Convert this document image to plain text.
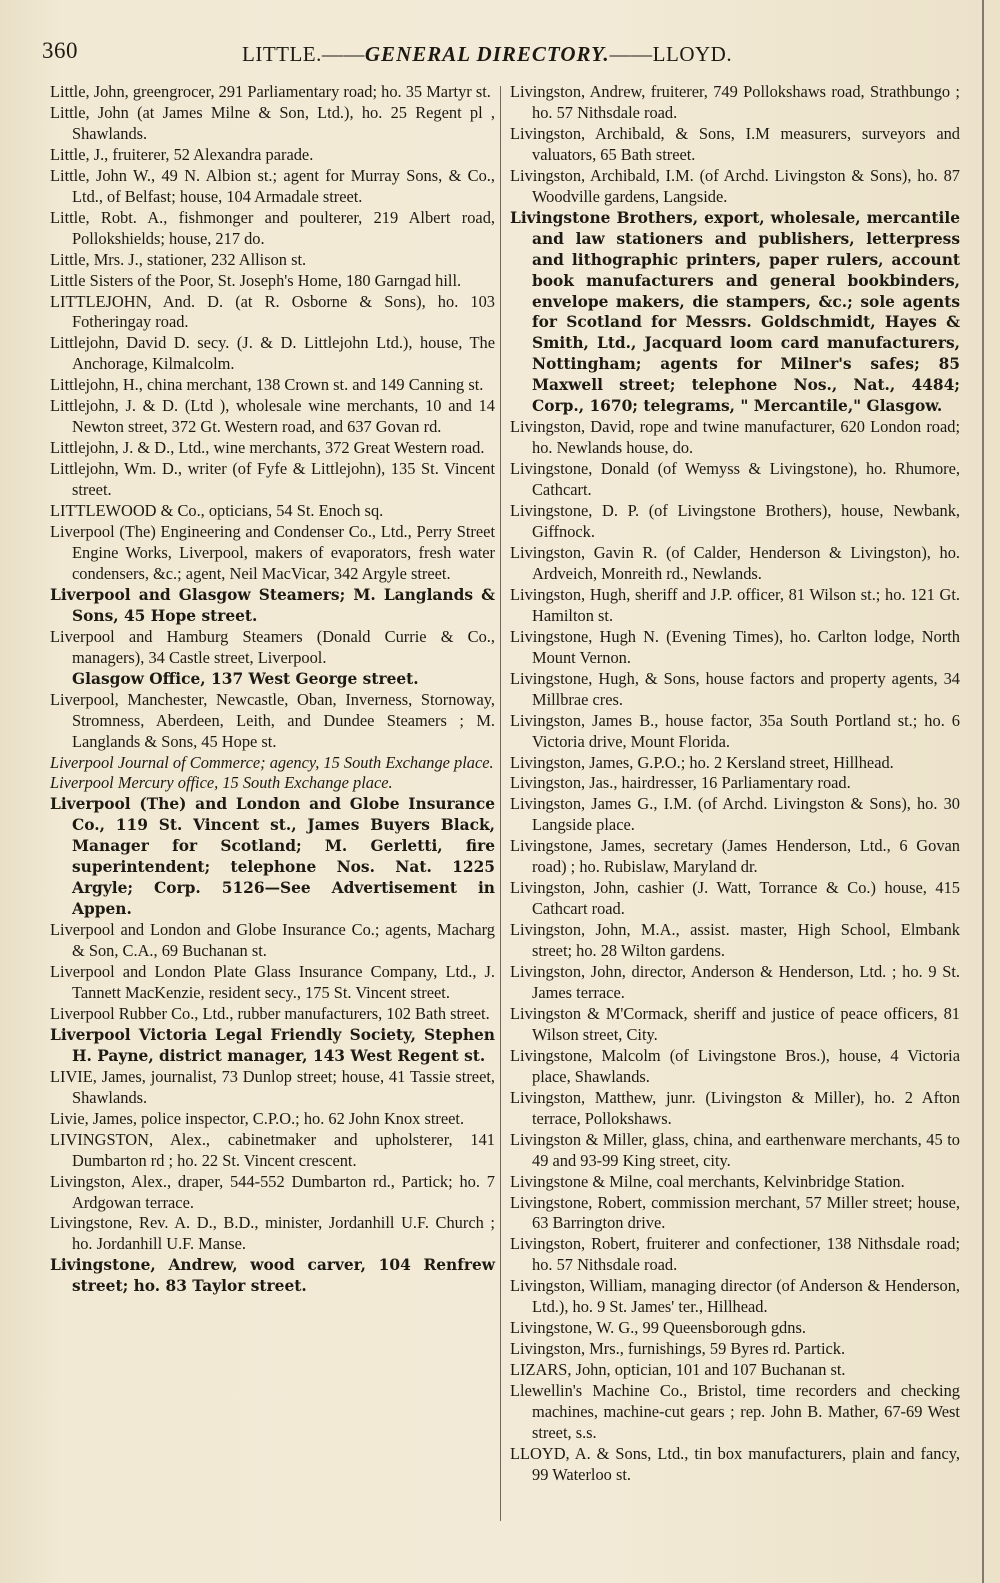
360	LITTLE.——GENERAL DIRECTORY.——LLOYD.

Little, John, greengrocer, 291 Parliamentary road; ho. 35 Martyr st.

Little, John (at James Milne & Son, Ltd.), ho. 25 Regent pl , Shawlands.

Little, J., fruiterer, 52 Alexandra parade.

Little, John W., 49 N. Albion st.; agent for Murray Sons, & Co., Ltd., of Belfast; house, 104 Armadale street.

Little, Robt. A., fishmonger and poulterer, 219 Albert road, Pollokshields; house, 217 do.

Little, Mrs. J., stationer, 232 Allison st.

Little Sisters of the Poor, St. Joseph's Home, 180 Garngad hill.

LITTLEJOHN, And. D. (at R. Osborne & Sons), ho. 103 Fotheringay road.

Littlejohn, David D. secy. (J. & D. Littlejohn Ltd.), house, The Anchorage, Kilmalcolm.

Littlejohn, H., china merchant, 138 Crown st. and 149 Canning st.

Littlejohn, J. & D. (Ltd ), wholesale wine merchants, 10 and 14 Newton street, 372 Gt. Western road, and 637 Govan rd.

Littlejohn, J. & D., Ltd., wine merchants, 372 Great Western road.

Littlejohn, Wm. D., writer (of Fyfe & Littlejohn), 135 St. Vincent street.

LITTLEWOOD & Co., opticians, 54 St. Enoch sq.

Liverpool (The) Engineering and Condenser Co., Ltd., Perry Street Engine Works, Liverpool, makers of evaporators, fresh water condensers, &c.; agent, Neil MacVicar, 342 Argyle street.

Liverpool and Glasgow Steamers; M. Langlands & Sons, 45 Hope street.

Liverpool and Hamburg Steamers (Donald Currie & Co., managers), 34 Castle street, Liverpool.

Glasgow Office, 137 West George street.

Liverpool, Manchester, Newcastle, Oban, Inverness, Stornoway, Stromness, Aberdeen, Leith, and Dundee Steamers ; M. Langlands & Sons, 45 Hope st.

Liverpool Journal of Commerce; agency, 15 South Exchange place.

Liverpool Mercury office, 15 South Exchange place.

Liverpool (The) and London and Globe Insurance Co., 119 St. Vincent st., James Buyers Black, Manager for Scotland; M. Gerletti, fire superintendent; telephone Nos. Nat. 1225 Argyle; Corp. 5126—See Advertisement in Appen.

Liverpool and London and Globe Insurance Co.; agents, Macharg & Son, C.A., 69 Buchanan st.

Liverpool and London Plate Glass Insurance Company, Ltd., J. Tannett MacKenzie, resident secy., 175 St. Vincent street.

Liverpool Rubber Co., Ltd., rubber manufacturers, 102 Bath street.

Liverpool Victoria Legal Friendly Society, Stephen H. Payne, district manager, 143 West Regent st.

LIVIE, James, journalist, 73 Dunlop street; house, 41 Tassie street, Shawlands.

Livie, James, police inspector, C.P.O.; ho. 62 John Knox street.

LIVINGSTON, Alex., cabinetmaker and upholsterer, 141 Dumbarton rd ; ho. 22 St. Vincent crescent.

Livingston, Alex., draper, 544-552 Dumbarton rd., Partick; ho. 7 Ardgowan terrace.

Livingstone, Rev. A. D., B.D., minister, Jordanhill U.F. Church ; ho. Jordanhill U.F. Manse.

Livingstone, Andrew, wood carver, 104 Renfrew street; ho. 83 Taylor street.

Livingston, Andrew, fruiterer, 749 Pollokshaws road, Strathbungo ; ho. 57 Nithsdale road.

Livingston, Archibald, & Sons, I.M measurers, surveyors and valuators, 65 Bath street.

Livingston, Archibald, I.M. (of Archd. Livingston & Sons), ho. 87 Woodville gardens, Langside.

Livingstone Brothers, export, wholesale, mercantile and law stationers and publishers, letterpress and lithographic printers, paper rulers, account book manufacturers and general bookbinders, envelope makers, die stampers, &c.; sole agents for Scotland for Messrs. Goldschmidt, Hayes & Smith, Ltd., Jacquard loom card manufacturers, Nottingham; agents for Milner's safes; 85 Maxwell street; telephone Nos., Nat., 4484; Corp., 1670; telegrams, " Mercantile," Glasgow.

Livingston, David, rope and twine manufacturer, 620 London road; ho. Newlands house, do.

Livingstone, Donald (of Wemyss & Livingstone), ho. Rhumore, Cathcart.

Livingstone, D. P. (of Livingstone Brothers), house, Newbank, Giffnock.

Livingston, Gavin R. (of Calder, Henderson & Livingston), ho. Ardveich, Monreith rd., Newlands.

Livingston, Hugh, sheriff and J.P. officer, 81 Wilson st.; ho. 121 Gt. Hamilton st.

Livingstone, Hugh N. (Evening Times), ho. Carlton lodge, North Mount Vernon.

Livingstone, Hugh, & Sons, house factors and property agents, 34 Millbrae cres.

Livingston, James B., house factor, 35a South Portland st.; ho. 6 Victoria drive, Mount Florida.

Livingston, James, G.P.O.; ho. 2 Kersland street, Hillhead.

Livingston, Jas., hairdresser, 16 Parliamentary road.

Livingston, James G., I.M. (of Archd. Livingston & Sons), ho. 30 Langside place.

Livingstone, James, secretary (James Henderson, Ltd., 6 Govan road) ; ho. Rubislaw, Maryland dr.

Livingston, John, cashier (J. Watt, Torrance & Co.) house, 415 Cathcart road.

Livingston, John, M.A., assist. master, High School, Elmbank street; ho. 28 Wilton gardens.

Livingston, John, director, Anderson & Henderson, Ltd. ; ho. 9 St. James terrace.

Livingston & M'Cormack, sheriff and justice of peace officers, 81 Wilson street, City.

Livingstone, Malcolm (of Livingstone Bros.), house, 4 Victoria place, Shawlands.

Livingston, Matthew, junr. (Livingston & Miller), ho. 2 Afton terrace, Pollokshaws.

Livingston & Miller, glass, china, and earthenware merchants, 45 to 49 and 93-99 King street, city.

Livingstone & Milne, coal merchants, Kelvinbridge Station.

Livingstone, Robert, commission merchant, 57 Miller street; house, 63 Barrington drive.

Livingston, Robert, fruiterer and confectioner, 138 Nithsdale road; ho. 57 Nithsdale road.

Livingston, William, managing director (of Anderson & Henderson, Ltd.), ho. 9 St. James' ter., Hillhead.

Livingstone, W. G., 99 Queensborough gdns.

Livingston, Mrs., furnishings, 59 Byres rd. Partick.

LIZARS, John, optician, 101 and 107 Buchanan st.

Llewellin's Machine Co., Bristol, time recorders and checking machines, machine-cut gears ; rep. John B. Mather, 67-69 West street, s.s.

LLOYD, A. & Sons, Ltd., tin box manufacturers, plain and fancy, 99 Waterloo st.
